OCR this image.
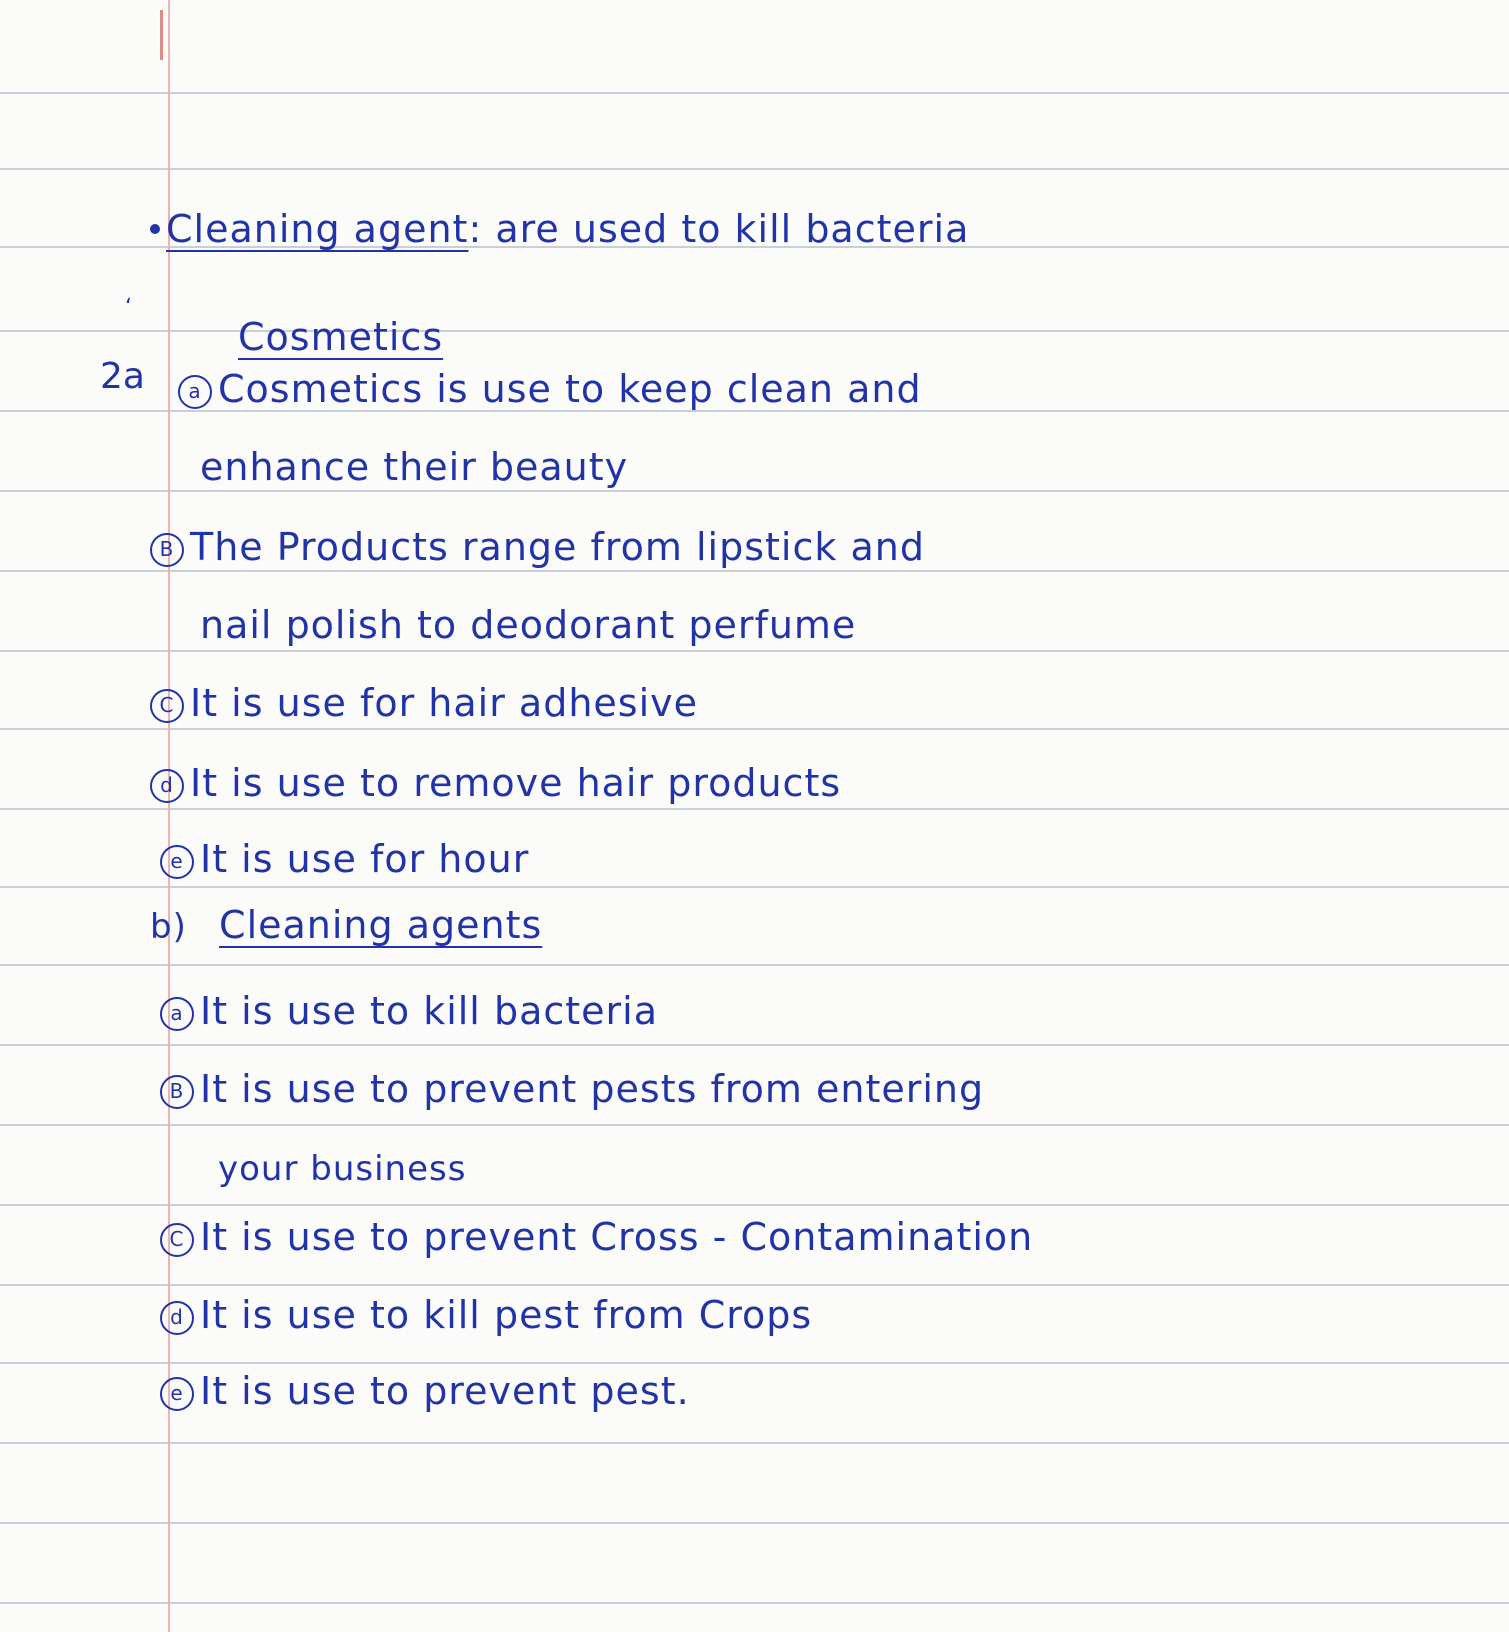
Cleaning agent: are used to kill bacteria
ʻ
2a
Cosmetics
a Cosmetics is use to keep clean and
enhance their beauty
B The Products range from lipstick and
nail polish to deodorant perfume
C It is use for hair adhesive
d It is use to remove hair products
e It is use for hour
b) Cleaning agents
a It is use to kill bacteria
B It is use to prevent pests from entering
your business
C It is use to prevent Cross - Contamination
d It is use to kill pest from Crops
e It is use to prevent pest.
